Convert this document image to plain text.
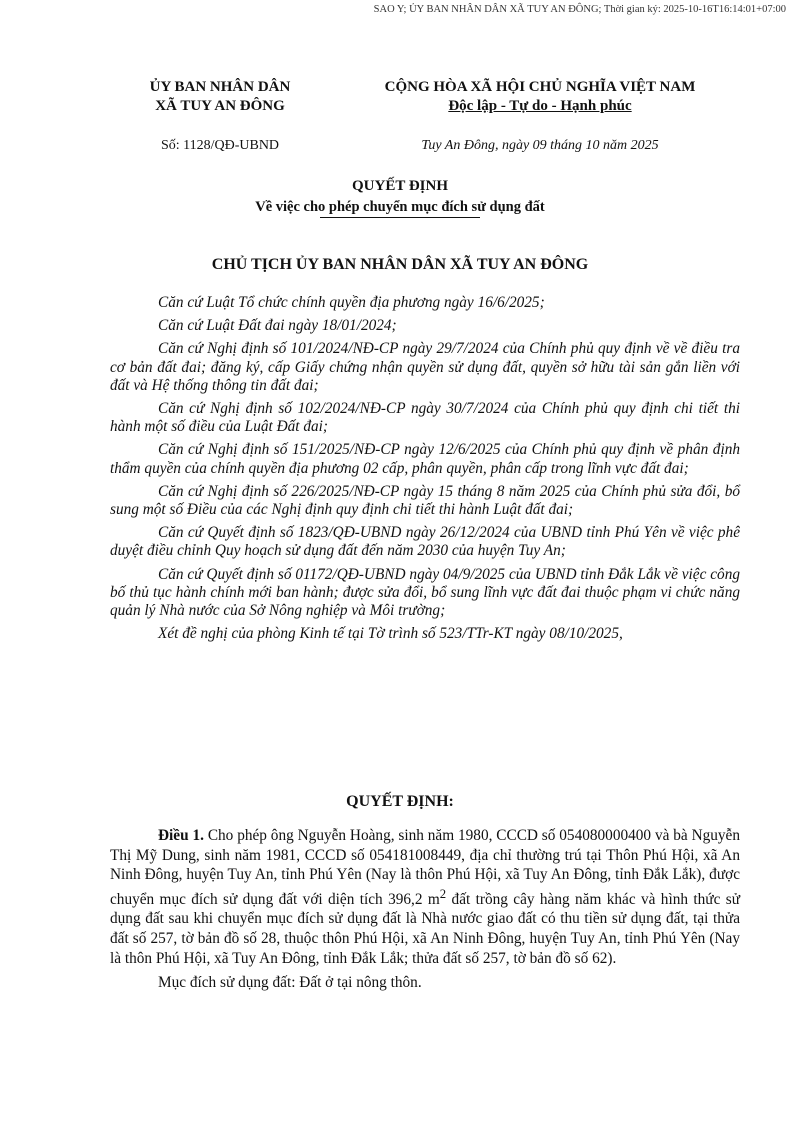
SAO Y; ỦY BAN NHÂN DÂN XÃ TUY AN ĐÔNG; Thời gian ký: 2025-10-16T16:14:01+07:00
ỦY BAN NHÂN DÂN
XÃ TUY AN ĐÔNG
CỘNG HÒA XÃ HỘI CHỦ NGHĨA VIỆT NAM
Độc lập - Tự do - Hạnh phúc
Số: 1128/QĐ-UBND	Tuy An Đông, ngày 09 tháng 10 năm 2025
QUYẾT ĐỊNH
Về việc cho phép chuyển mục đích sử dụng đất
CHỦ TỊCH ỦY BAN NHÂN DÂN XÃ TUY AN ĐÔNG

Căn cứ Luật Tổ chức chính quyền địa phương ngày 16/6/2025;

Căn cứ Luật Đất đai ngày 18/01/2024;

Căn cứ Nghị định số 101/2024/NĐ-CP ngày 29/7/2024 của Chính phủ quy định về về điều tra cơ bản đất đai; đăng ký, cấp Giấy chứng nhận quyền sử dụng đất, quyền sở hữu tài sản gắn liền với đất và Hệ thống thông tin đất đai;

Căn cứ Nghị định số 102/2024/NĐ-CP ngày 30/7/2024 của Chính phủ quy định chi tiết thi hành một số điều của Luật Đất đai;

Căn cứ Nghị định số 151/2025/NĐ-CP ngày 12/6/2025 của Chính phủ quy định về phân định thẩm quyền của chính quyền địa phương 02 cấp, phân quyền, phân cấp trong lĩnh vực đất đai;

Căn cứ Nghị định số 226/2025/NĐ-CP ngày 15 tháng 8 năm 2025 của Chính phủ sửa đổi, bổ sung một số Điều của các Nghị định quy định chi tiết thi hành Luật đất đai;

Căn cứ Quyết định số 1823/QĐ-UBND ngày 26/12/2024 của UBND tỉnh Phú Yên về việc phê duyệt điều chỉnh Quy hoạch sử dụng đất đến năm 2030 của huyện Tuy An;

Căn cứ Quyết định số 01172/QĐ-UBND ngày 04/9/2025 của UBND tỉnh Đắk Lắk về việc công bố thủ tục hành chính mới ban hành; được sửa đổi, bổ sung lĩnh vực đất đai thuộc phạm vi chức năng quản lý Nhà nước của Sở Nông nghiệp và Môi trường;

Xét đề nghị của phòng Kinh tế tại Tờ trình số 523/TTr-KT ngày 08/10/2025,

QUYẾT ĐỊNH:

Điều 1. Cho phép ông Nguyễn Hoàng, sinh năm 1980, CCCD số 054080000400 và bà Nguyễn Thị Mỹ Dung, sinh năm 1981, CCCD số 054181008449, địa chỉ thường trú tại Thôn Phú Hội, xã An Ninh Đông, huyện Tuy An, tỉnh Phú Yên (Nay là thôn Phú Hội, xã Tuy An Đông, tỉnh Đắk Lắk), được chuyển mục đích sử dụng đất với diện tích 396,2 $m^2$ đất trồng cây hàng năm khác và hình thức sử dụng đất sau khi chuyển mục đích sử dụng đất là Nhà nước giao đất có thu tiền sử dụng đất, tại thửa đất số 257, tờ bản đồ số 28, thuộc thôn Phú Hội, xã An Ninh Đông, huyện Tuy An, tỉnh Phú Yên (Nay là thôn Phú Hội, xã Tuy An Đông, tỉnh Đắk Lắk; thửa đất số 257, tờ bản đồ số 62).

Mục đích sử dụng đất: Đất ở tại nông thôn.
